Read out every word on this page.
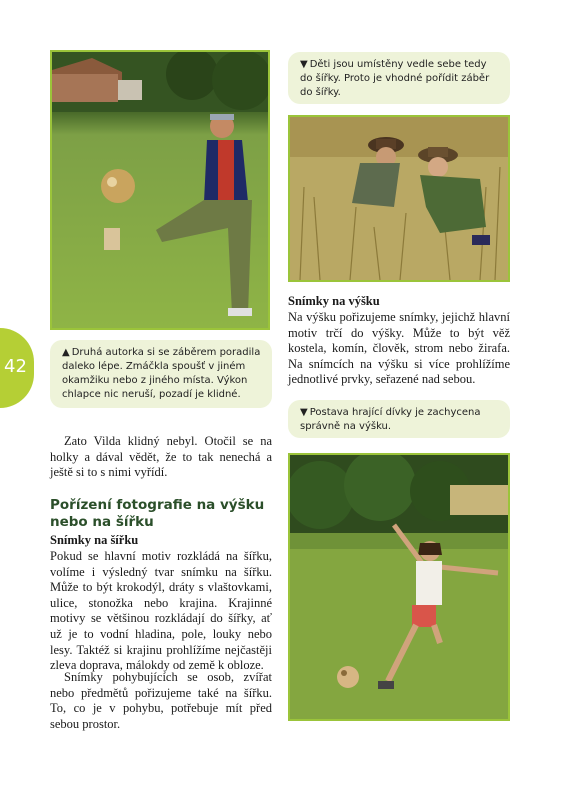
42
▲ Druhá autorka si se záběrem poradila daleko lépe. Zmáčkla spoušť v jiném okamžiku nebo z jiného místa. Výkon chlapce nic neruší, pozadí je klidné.

Zato Vilda klidný nebyl. Otočil se na holky a dával vědět, že to tak nenechá a ještě si to s nimi vyřídí.

Pořízení fotografie na výšku nebo na šířku

Snímky na šířku

Pokud se hlavní motiv rozkládá na šířku, volíme i výsledný tvar snímku na šířku. Může to být krokodýl, dráty s vlaštovkami, ulice, stonožka nebo krajina. Krajinné motivy se většinou rozkládají do šířky, ať už je to vodní hladina, pole, louky nebo lesy. Taktéž si krajinu prohlížíme nejčastěji zleva doprava, málokdy od země k obloze.

Snímky pohybujících se osob, zvířat nebo předmětů pořizujeme také na šířku. To, co je v pohybu, potřebuje mít před sebou prostor.

▼ Děti jsou umístěny vedle sebe tedy do šířky. Proto je vhodné pořídit záběr do šířky.

Snímky na výšku

Na výšku pořizujeme snímky, jejichž hlavní motiv trčí do výšky. Může to být věž kostela, komín, člověk, strom nebo žirafa. Na snímcích na výšku si více prohlížíme jednotlivé prvky, seřazené nad sebou.

▼ Postava hrající dívky je zachycena správně na výšku.
